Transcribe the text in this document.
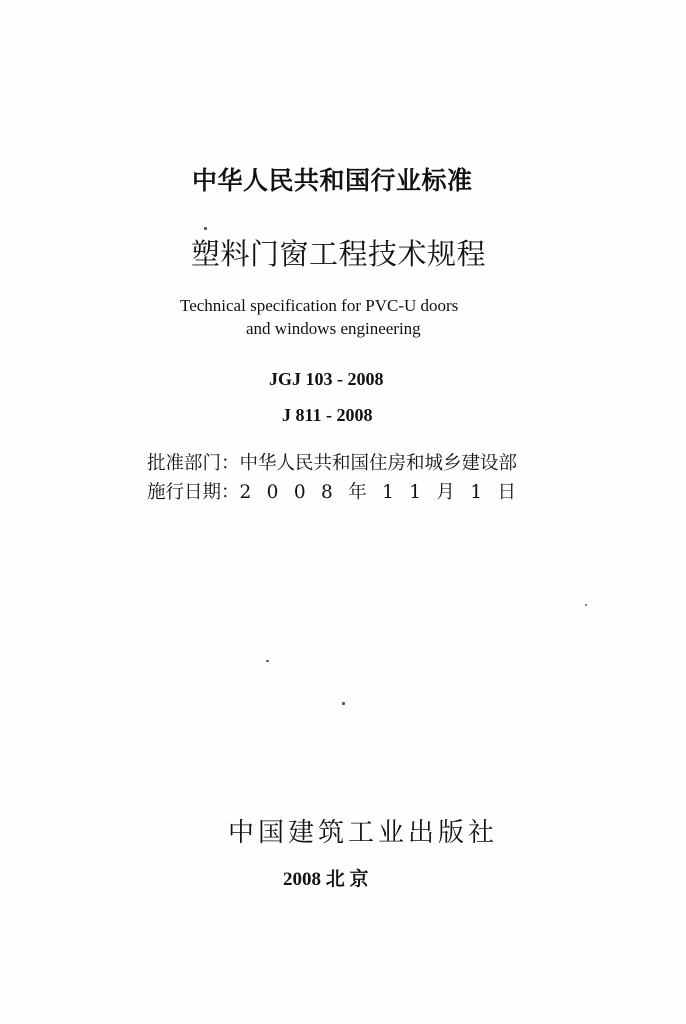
中华人民共和国行业标准
塑料门窗工程技术规程
Technical specification for PVC-U doors
and windows engineering
JGJ 103 - 2008
J 811 - 2008
批准部门： 中华人民共和国住房和城乡建设部
施行日期： 2008年11月1日
中国建筑工业出版社
2008 北 京
